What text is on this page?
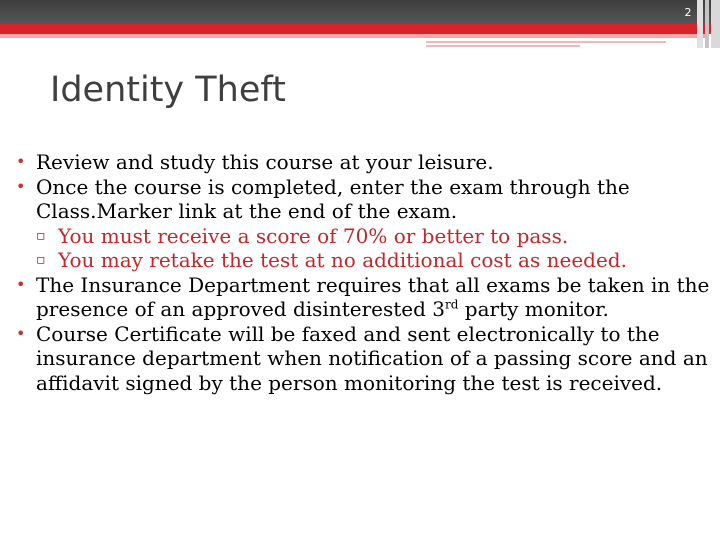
2
Identity Theft
• Review and study this course at your leisure.
• Once the course is completed, enter the exam through the Class.Marker link at the end of the exam.
▫ You must receive a score of 70% or better to pass.
▫ You may retake the test at no additional cost as needed.
• The Insurance Department requires that all exams be taken in the presence of an approved disinterested 3rd party monitor.
• Course Certificate will be faxed and sent electronically to the insurance department when notification of a passing score and an affidavit signed by the person monitoring the test is received.
